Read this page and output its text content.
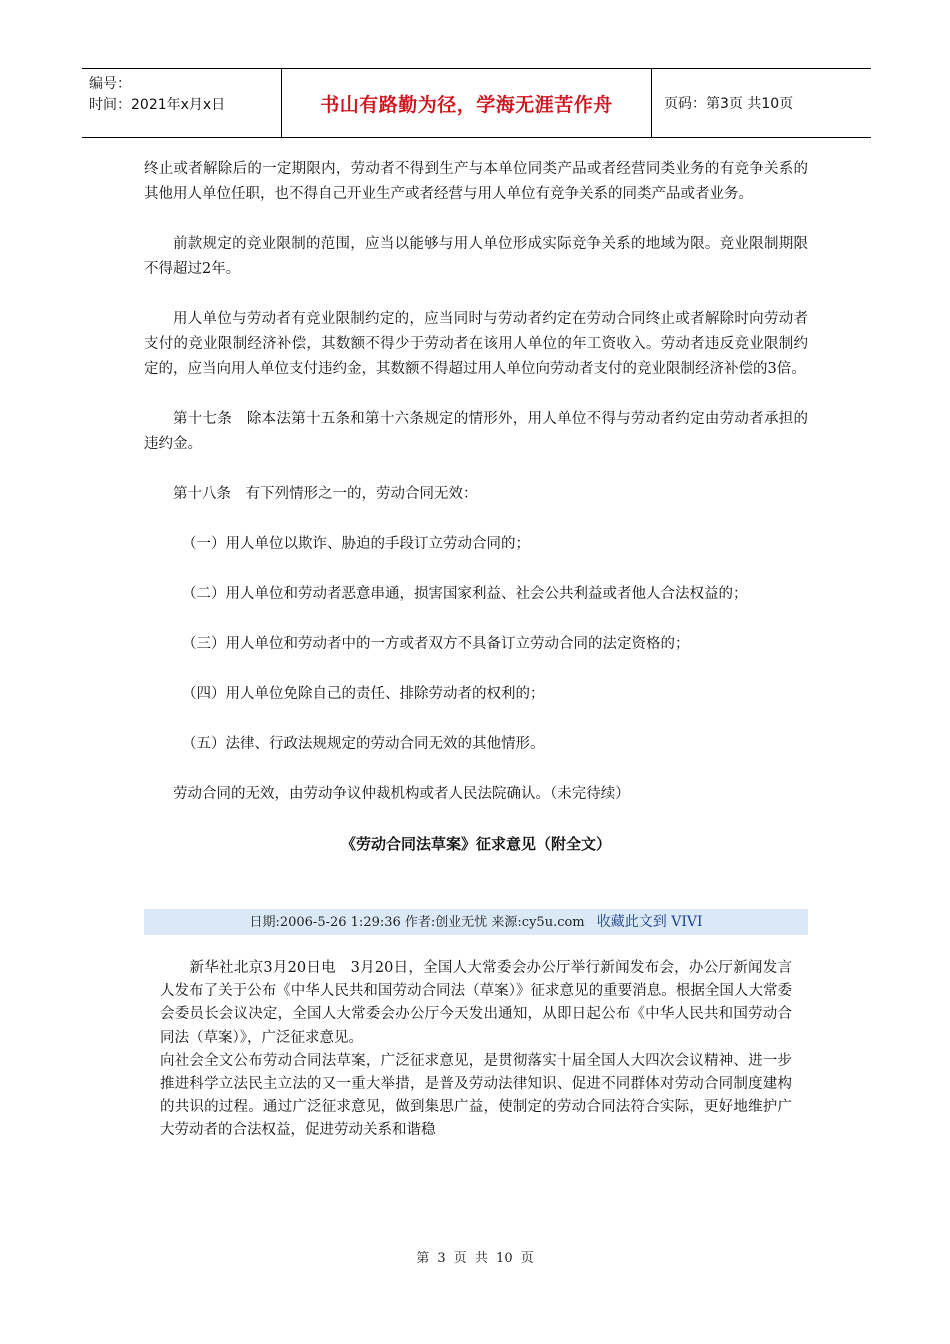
编号：
时间：2021年x月x日	书山有路勤为径，学海无涯苦作舟	页码：第3页 共10页

终止或者解除后的一定期限内，劳动者不得到生产与本单位同类产品或者经营同类业务的有竞争关系的其他用人单位任职，也不得自己开业生产或者经营与用人单位有竞争关系的同类产品或者业务。

前款规定的竞业限制的范围，应当以能够与用人单位形成实际竞争关系的地域为限。竞业限制期限不得超过2年。

用人单位与劳动者有竞业限制约定的，应当同时与劳动者约定在劳动合同终止或者解除时向劳动者支付的竞业限制经济补偿，其数额不得少于劳动者在该用人单位的年工资收入。劳动者违反竞业限制约定的，应当向用人单位支付违约金，其数额不得超过用人单位向劳动者支付的竞业限制经济补偿的3倍。

第十七条　除本法第十五条和第十六条规定的情形外，用人单位不得与劳动者约定由劳动者承担的违约金。

第十八条　有下列情形之一的，劳动合同无效：

（一）用人单位以欺诈、胁迫的手段订立劳动合同的；

（二）用人单位和劳动者恶意串通，损害国家利益、社会公共利益或者他人合法权益的；

（三）用人单位和劳动者中的一方或者双方不具备订立劳动合同的法定资格的；

（四）用人单位免除自己的责任、排除劳动者的权利的；

（五）法律、行政法规规定的劳动合同无效的其他情形。

劳动合同的无效，由劳动争议仲裁机构或者人民法院确认。（未完待续）

《劳动合同法草案》征求意见（附全文）
日期:2006-5-26 1:29:36 作者:创业无忧 来源:cy5u.com 收藏此文到 VIVI

　　新华社北京3月20日电　3月20日，全国人大常委会办公厅举行新闻发布会，办公厅新闻发言人发布了关于公布《中华人民共和国劳动合同法（草案）》征求意见的重要消息。根据全国人大常委会委员长会议决定，全国人大常委会办公厅今天发出通知，从即日起公布《中华人民共和国劳动合同法（草案）》，广泛征求意见。

向社会全文公布劳动合同法草案，广泛征求意见，是贯彻落实十届全国人大四次会议精神、进一步推进科学立法民主立法的又一重大举措，是普及劳动法律知识、促进不同群体对劳动合同制度建构的共识的过程。通过广泛征求意见，做到集思广益，使制定的劳动合同法符合实际，更好地维护广大劳动者的合法权益，促进劳动关系和谐稳

第 3 页 共 10 页
